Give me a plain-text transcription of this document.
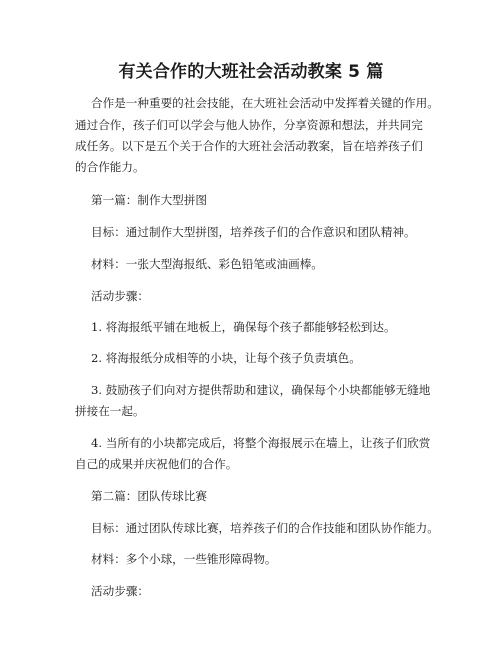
有关合作的大班社会活动教案 5 篇

合作是一种重要的社会技能，在大班社会活动中发挥着关键的作用。

通过合作，孩子们可以学会与他人协作，分享资源和想法，并共同完

成任务。以下是五个关于合作的大班社会活动教案，旨在培养孩子们

的合作能力。

第一篇：制作大型拼图

目标：通过制作大型拼图，培养孩子们的合作意识和团队精神。

材料：一张大型海报纸、彩色铅笔或油画棒。

活动步骤：

1. 将海报纸平铺在地板上，确保每个孩子都能够轻松到达。

2. 将海报纸分成相等的小块，让每个孩子负责填色。

3. 鼓励孩子们向对方提供帮助和建议，确保每个小块都能够无缝地

拼接在一起。

4. 当所有的小块都完成后，将整个海报展示在墙上，让孩子们欣赏

自己的成果并庆祝他们的合作。

第二篇：团队传球比赛

目标：通过团队传球比赛，培养孩子们的合作技能和团队协作能力。

材料：多个小球，一些锥形障碍物。

活动步骤：
